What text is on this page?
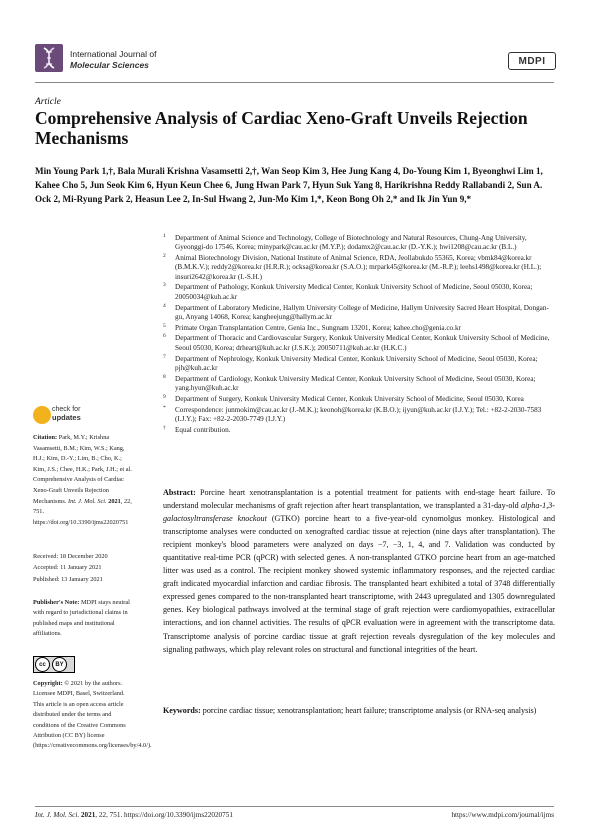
International Journal of
Molecular Sciences	MDPI
Article
Comprehensive Analysis of Cardiac Xeno-Graft Unveils Rejection Mechanisms
Min Young Park 1,†, Bala Murali Krishna Vasamsetti 2,†, Wan Seop Kim 3, Hee Jung Kang 4, Do-Young Kim 1, Byeonghwi Lim 1, Kahee Cho 5, Jun Seok Kim 6, Hyun Keun Chee 6, Jung Hwan Park 7, Hyun Suk Yang 8, Harikrishna Reddy Rallabandi 2, Sun A. Ock 2, Mi-Ryung Park 2, Heasun Lee 2, In-Sul Hwang 2, Jun-Mo Kim 1,*, Keon Bong Oh 2,* and Ik Jin Yun 9,*
1 Department of Animal Science and Technology, College of Biotechnology and Natural Resources, Chung-Ang University, Gyeonggi-do 17546, Korea; minypark@cau.ac.kr (M.Y.P.); dodamx2@cau.ac.kr (D.-Y.K.); hwi1208@cau.ac.kr (B.L.)
2 Animal Biotechnology Division, National Institute of Animal Science, RDA, Jeollabukdo 55365, Korea; vbmk84@korea.kr (B.M.K.V.); reddy2@korea.kr (H.R.R.); ocksa@korea.kr (S.A.O.); mrpark45@korea.kr (M.-R.P.); leehs1498@korea.kr (H.L.); insuri2642@korea.kr (I.-S.H.)
3 Department of Pathology, Konkuk University Medical Center, Konkuk University School of Medicine, Seoul 05030, Korea; 20050034@kuh.ac.kr
4 Department of Laboratory Medicine, Hallym University College of Medicine, Hallym University Sacred Heart Hospital, Dongan-gu, Anyang 14068, Korea; kangheejung@hallym.ac.kr
5 Primate Organ Transplantation Centre, Genia Inc., Sungnam 13201, Korea; kahee.cho@genia.co.kr
6 Department of Thoracic and Cardiovascular Surgery, Konkuk University Medical Center, Konkuk University School of Medicine, Seoul 05030, Korea; drheart@kuh.ac.kr (J.S.K.); 20050711@kuh.ac.kr (H.K.C.)
7 Department of Nephrology, Konkuk University Medical Center, Konkuk University School of Medicine, Seoul 05030, Korea; pjh@kuh.ac.kr
8 Department of Cardiology, Konkuk University Medical Center, Konkuk University School of Medicine, Seoul 05030, Korea; yang.hyun@kuh.ac.kr
9 Department of Surgery, Konkuk University Medical Center, Konkuk University School of Medicine, Seoul 05030, Korea
* Correspondence: junmokim@cau.ac.kr (J.-M.K.); keonoh@korea.kr (K.B.O.); ijyun@kuh.ac.kr (I.J.Y.); Tel.: +82-2-2030-7583 (I.J.Y.); Fax: +82-2-2030-7749 (I.J.Y.)
† Equal contribution.
check for
updates
Citation: Park, M.Y.; Krishna Vasamsetti, B.M.; Kim, W.S.; Kang, H.J.; Kim, D.-Y.; Lim, B.; Cho, K.; Kim, J.S.; Chee, H.K.; Park, J.H.; et al. Comprehensive Analysis of Cardiac Xeno-Graft Unveils Rejection Mechanisms. Int. J. Mol. Sci. 2021, 22, 751. https://doi.org/10.3390/ijms22020751
Received: 18 December 2020
Accepted: 11 January 2021
Published: 13 January 2021
Publisher's Note: MDPI stays neutral with regard to jurisdictional claims in published maps and institutional affiliations.
cc	BY
Copyright: © 2021 by the authors. Licensee MDPI, Basel, Switzerland. This article is an open access article distributed under the terms and conditions of the Creative Commons Attribution (CC BY) license (https://creativecommons.org/licenses/by/4.0/).
Abstract: Porcine heart xenotransplantation is a potential treatment for patients with end-stage heart failure. To understand molecular mechanisms of graft rejection after heart transplantation, we transplanted a 31-day-old alpha-1,3-galactosyltransferase knockout (GTKO) porcine heart to a five-year-old cynomolgus monkey. Histological and transcriptome analyses were conducted on xenografted cardiac tissue at rejection (nine days after transplantation). The recipient monkey's blood parameters were analyzed on days −7, −3, 1, 4, and 7. Validation was conducted by quantitative real-time PCR (qPCR) with selected genes. A non-transplanted GTKO porcine heart from an age-matched litter was used as a control. The recipient monkey showed systemic inflammatory responses, and the rejected cardiac graft indicated myocardial infarction and cardiac fibrosis. The transplanted heart exhibited a total of 3748 differentially expressed genes compared to the non-transplanted heart transcriptome, with 2443 upregulated and 1305 downregulated genes. Key biological pathways involved at the terminal stage of graft rejection were cardiomyopathies, extracellular interactions, and ion channel activities. The results of qPCR evaluation were in agreement with the transcriptome data. Transcriptome analysis of porcine cardiac tissue at graft rejection reveals dysregulation of the key molecules and signaling pathways, which play relevant roles on structural and functional integrities of the heart.
Keywords: porcine cardiac tissue; xenotransplantation; heart failure; transcriptome analysis (or RNA-seq analysis)
Int. J. Mol. Sci. 2021, 22, 751. https://doi.org/10.3390/ijms22020751	https://www.mdpi.com/journal/ijms
